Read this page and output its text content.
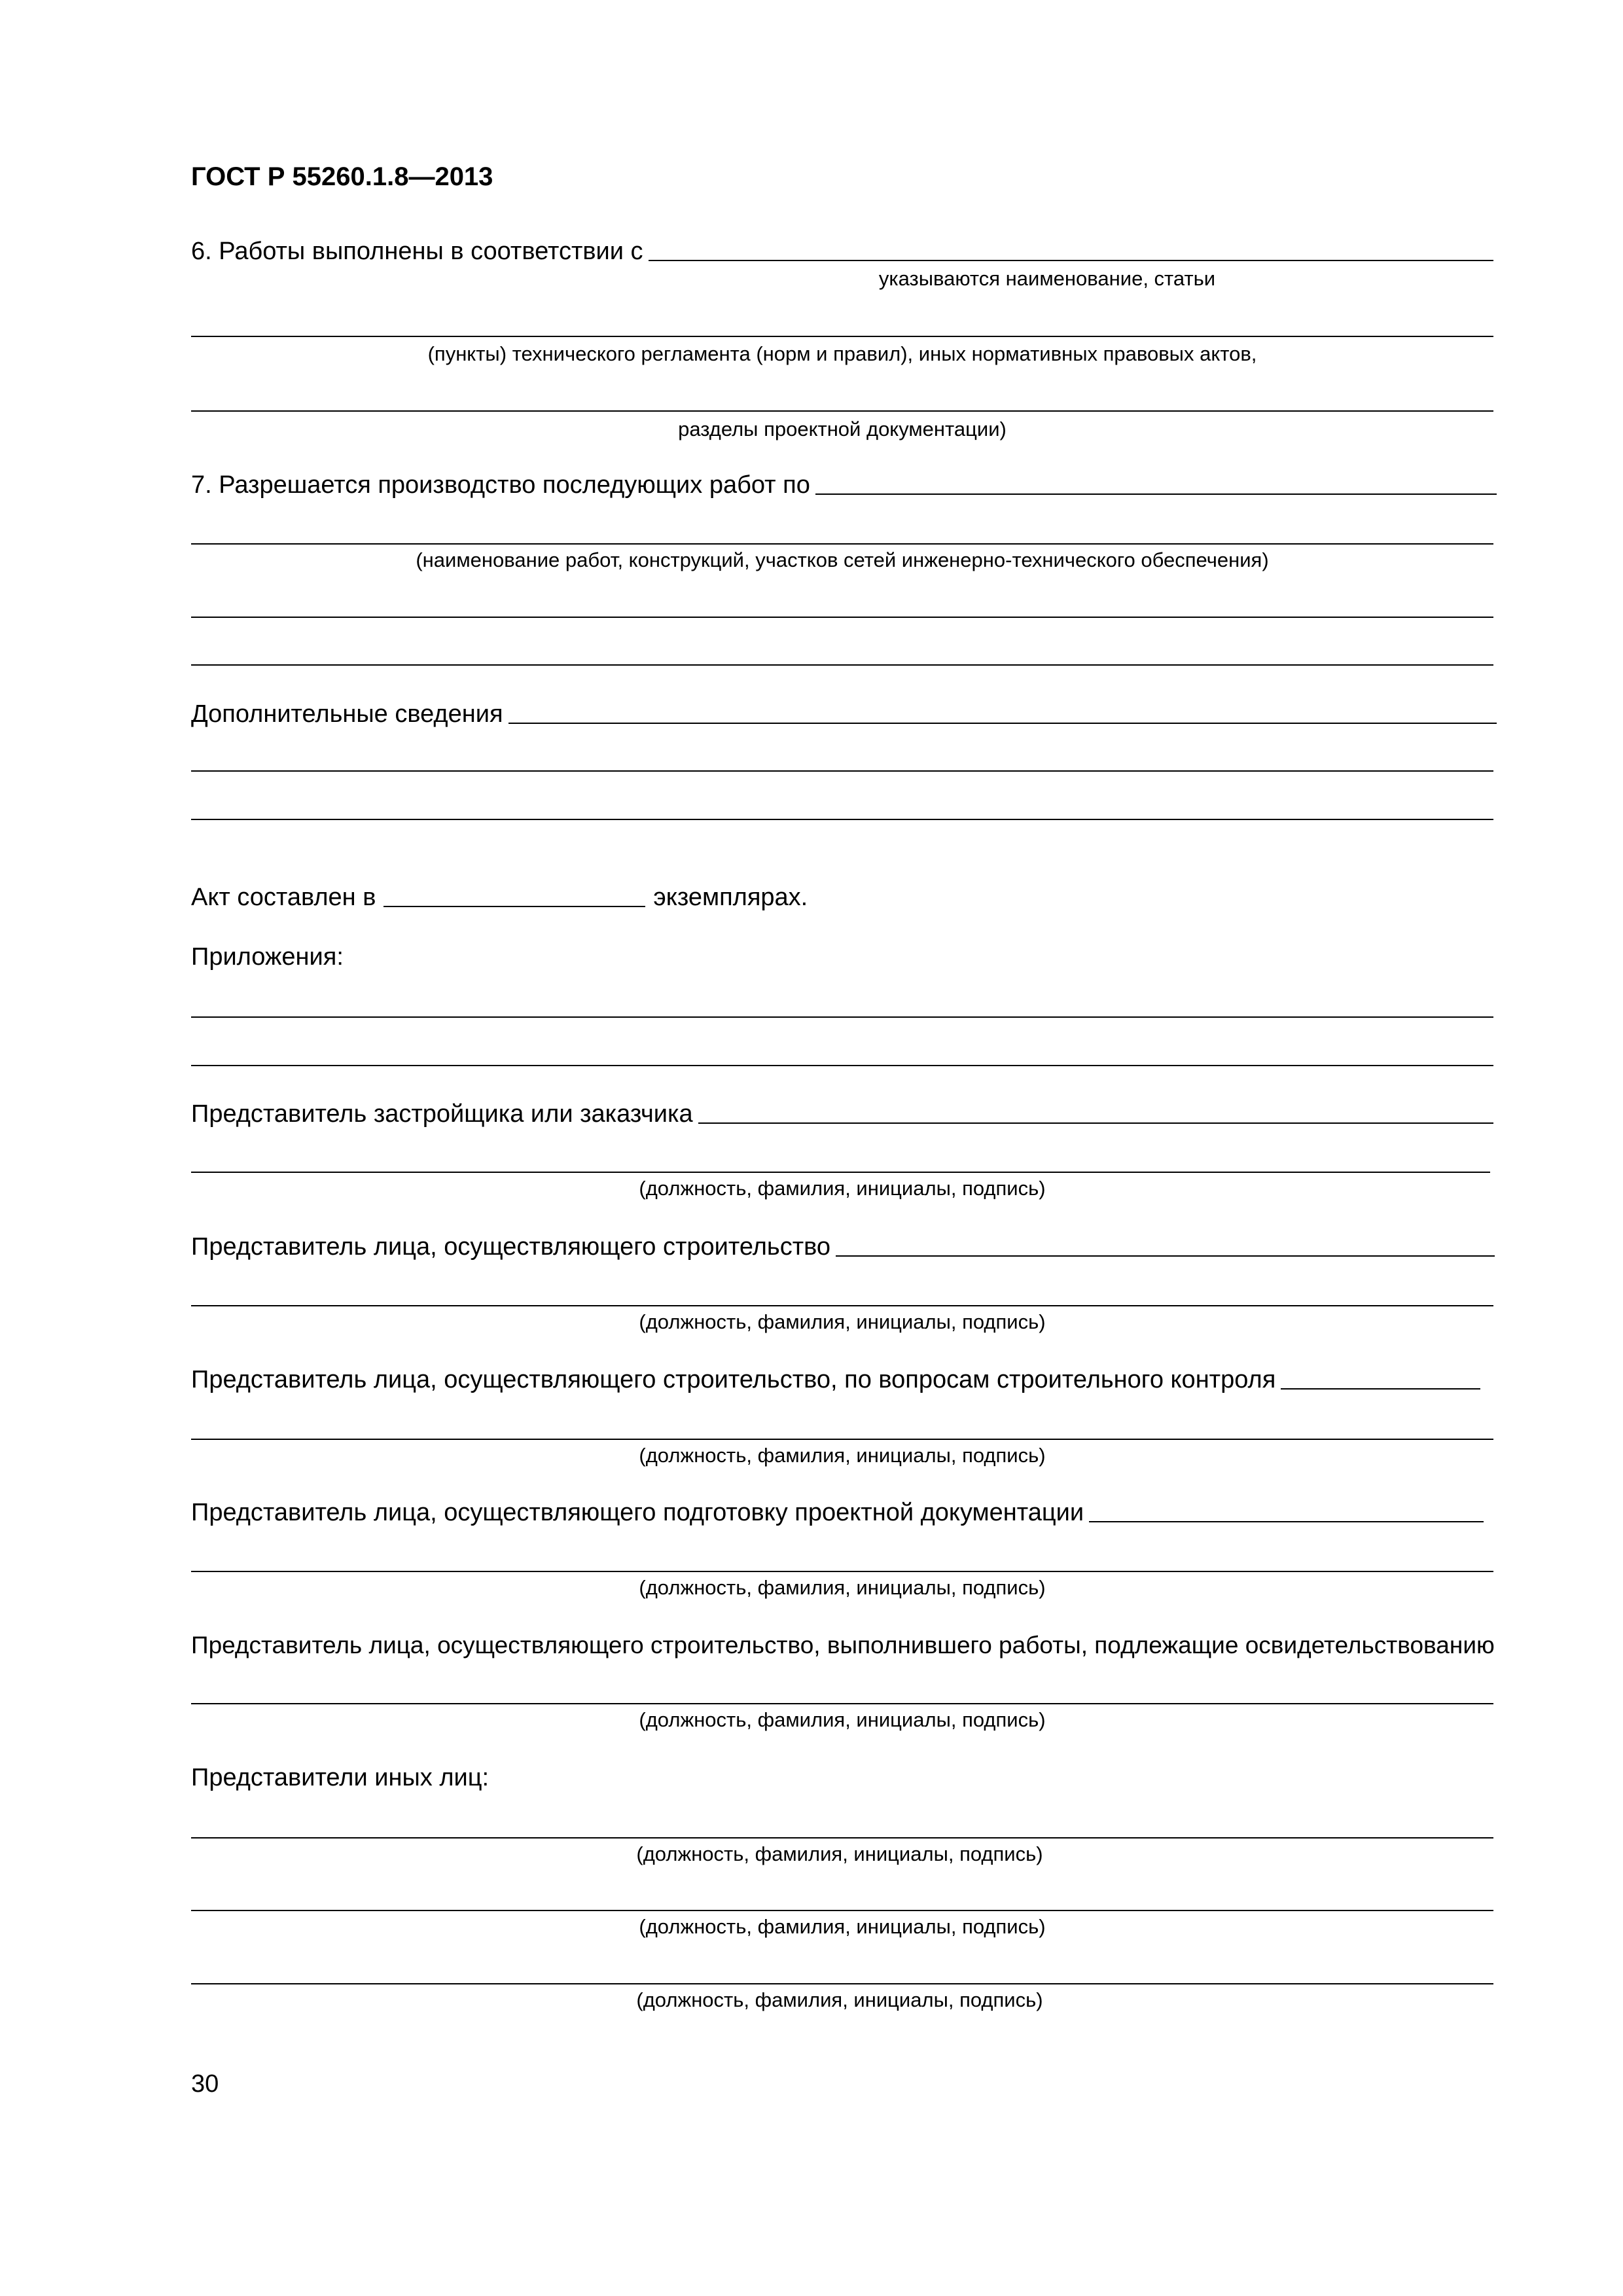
ГОСТ Р 55260.1.8—2013
6. Работы выполнены в соответствии с
указываются наименование, статьи
(пункты) технического регламента (норм и правил), иных нормативных правовых актов,
разделы проектной документации)
7. Разрешается производство последующих работ по
(наименование работ, конструкций, участков сетей инженерно-технического обеспечения)
Дополнительные сведения
Акт составлен в	экземплярах.
Приложения:
Представитель застройщика или заказчика
(должность, фамилия, инициалы, подпись)
Представитель лица, осуществляющего строительство
(должность, фамилия, инициалы, подпись)
Представитель лица, осуществляющего строительство, по вопросам строительного контроля
(должность, фамилия, инициалы, подпись)
Представитель лица, осуществляющего подготовку проектной документации
(должность, фамилия, инициалы, подпись)
Представитель лица, осуществляющего строительство, выполнившего работы, подлежащие освидетельствованию
(должность, фамилия, инициалы, подпись)
Представители иных лиц:
(должность, фамилия, инициалы, подпись)
(должность, фамилия, инициалы, подпись)
(должность, фамилия, инициалы, подпись)
30
